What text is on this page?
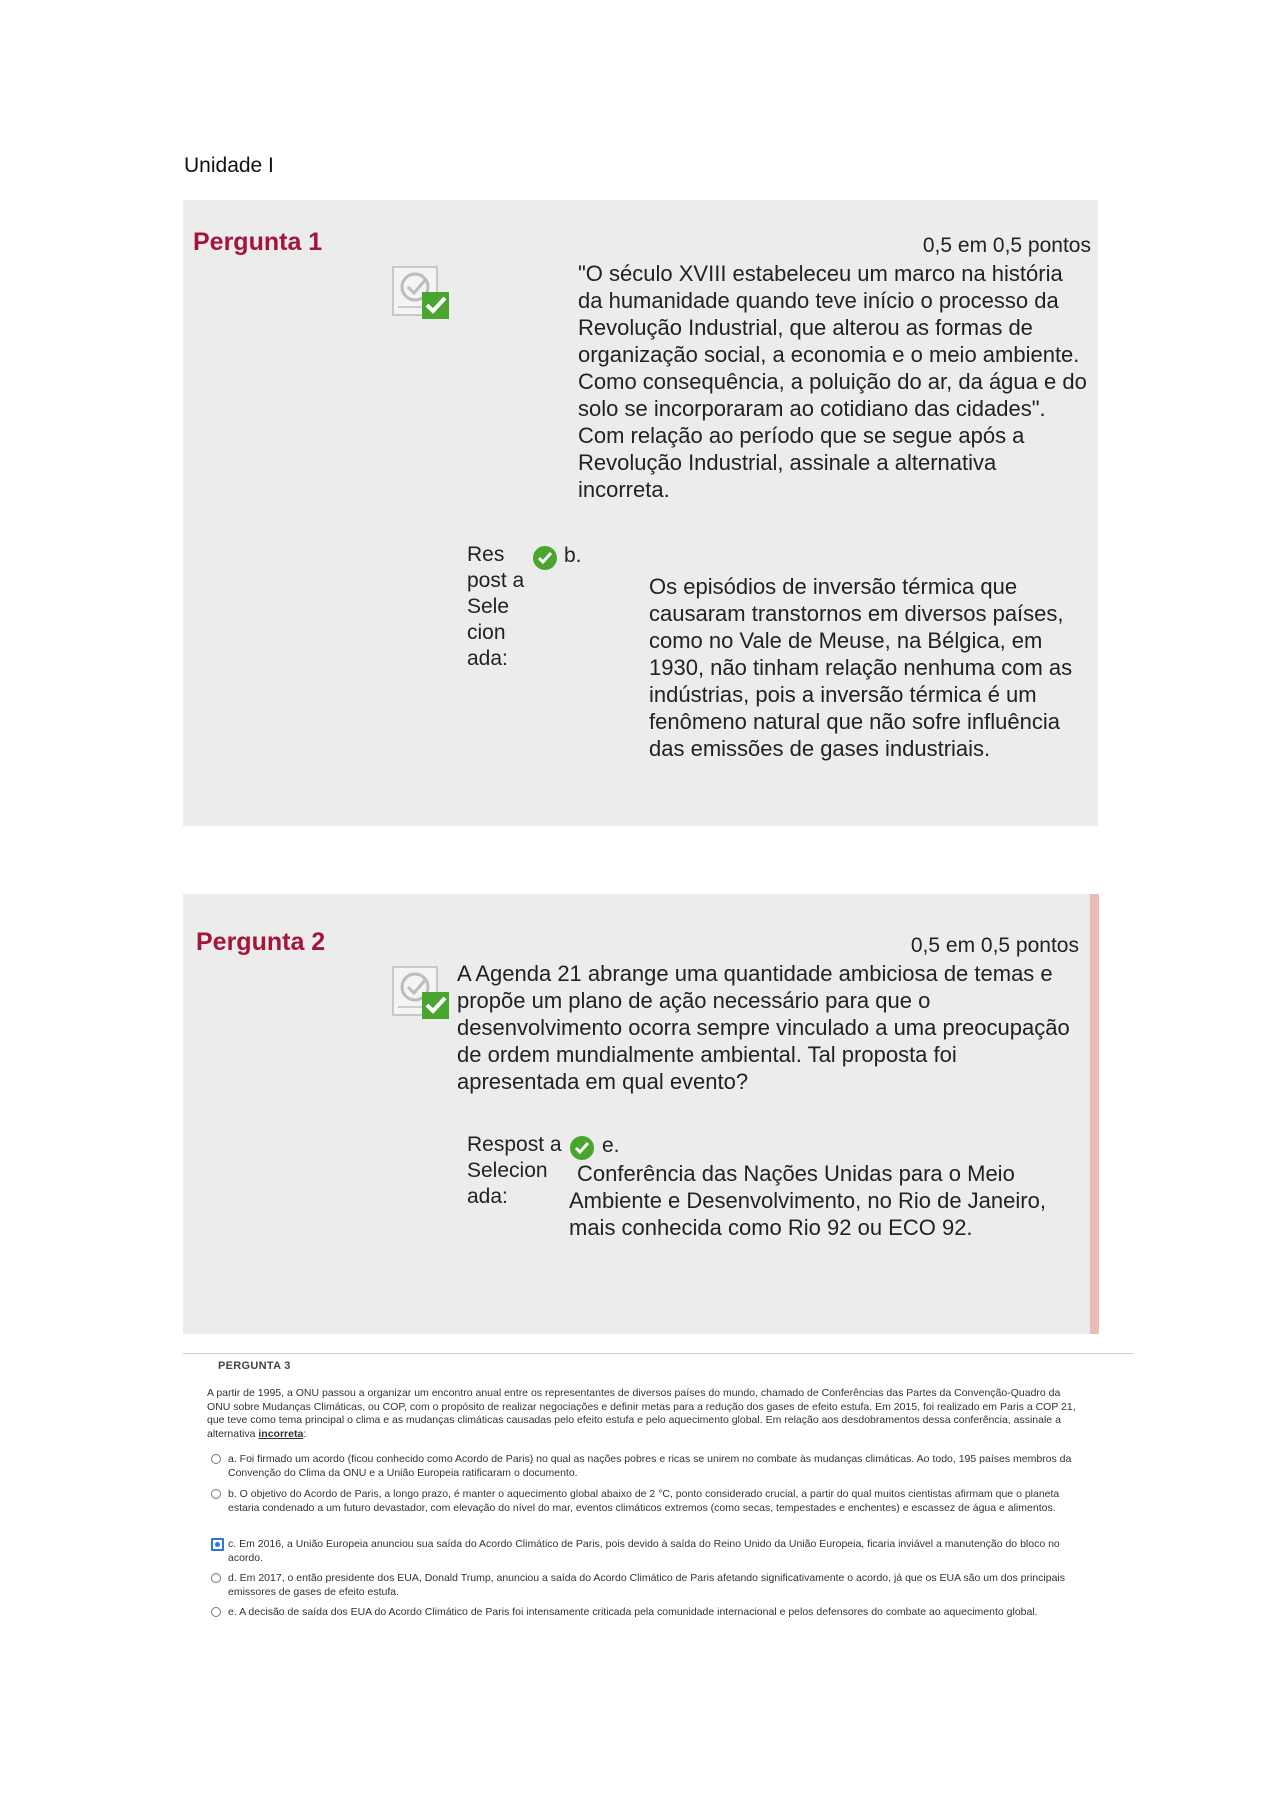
Unidade I
Pergunta 1	0,5 em 0,5 pontos
"O século XVIII estabeleceu um marco na história da humanidade quando teve início o processo da Revolução Industrial, que alterou as formas de organização social, a economia e o meio ambiente. Como consequência, a poluição do ar, da água e do solo se incorporaram ao cotidiano das cidades". Com relação ao período que se segue após a Revolução Industrial, assinale a alternativa incorreta.
Res post a Sele cion ada:
b.
Os episódios de inversão térmica que causaram transtornos em diversos países, como no Vale de Meuse, na Bélgica, em 1930, não tinham relação nenhuma com as indústrias, pois a inversão térmica é um fenômeno natural que não sofre influência das emissões de gases industriais.
Pergunta 2	0,5 em 0,5 pontos
A Agenda 21 abrange uma quantidade ambiciosa de temas e propõe um plano de ação necessário para que o desenvolvimento ocorra sempre vinculado a uma preocupação de ordem mundialmente ambiental. Tal proposta foi apresentada em qual evento?
Respost a Selecion ada:
e.
Conferência das Nações Unidas para o Meio Ambiente e Desenvolvimento, no Rio de Janeiro, mais conhecida como Rio 92 ou ECO 92.
PERGUNTA 3
A partir de 1995, a ONU passou a organizar um encontro anual entre os representantes de diversos países do mundo, chamado de Conferências das Partes da Convenção-Quadro da ONU sobre Mudanças Climáticas, ou COP, com o propósito de realizar negociações e definir metas para a redução dos gases de efeito estufa. Em 2015, foi realizado em Paris a COP 21, que teve como tema principal o clima e as mudanças climáticas causadas pelo efeito estufa e pelo aquecimento global. Em relação aos desdobramentos dessa conferência, assinale a alternativa incorreta:
a. Foi firmado um acordo (ficou conhecido como Acordo de Paris) no qual as nações pobres e ricas se unirem no combate às mudanças climáticas. Ao todo, 195 países membros da Convenção do Clima da ONU e a União Europeia ratificaram o documento.
b. O objetivo do Acordo de Paris, a longo prazo, é manter o aquecimento global abaixo de 2 °C, ponto considerado crucial, a partir do qual muitos cientistas afirmam que o planeta estaria condenado a um futuro devastador, com elevação do nível do mar, eventos climáticos extremos (como secas, tempestades e enchentes) e escassez de água e alimentos.
c. Em 2016, a União Europeia anunciou sua saída do Acordo Climático de Paris, pois devido à saída do Reino Unido da União Europeia, ficaria inviável a manutenção do bloco no acordo.
d. Em 2017, o então presidente dos EUA, Donald Trump, anunciou a saída do Acordo Climático de Paris afetando significativamente o acordo, já que os EUA são um dos principais emissores de gases de efeito estufa.
e. A decisão de saída dos EUA do Acordo Climático de Paris foi intensamente criticada pela comunidade internacional e pelos defensores do combate ao aquecimento global.
